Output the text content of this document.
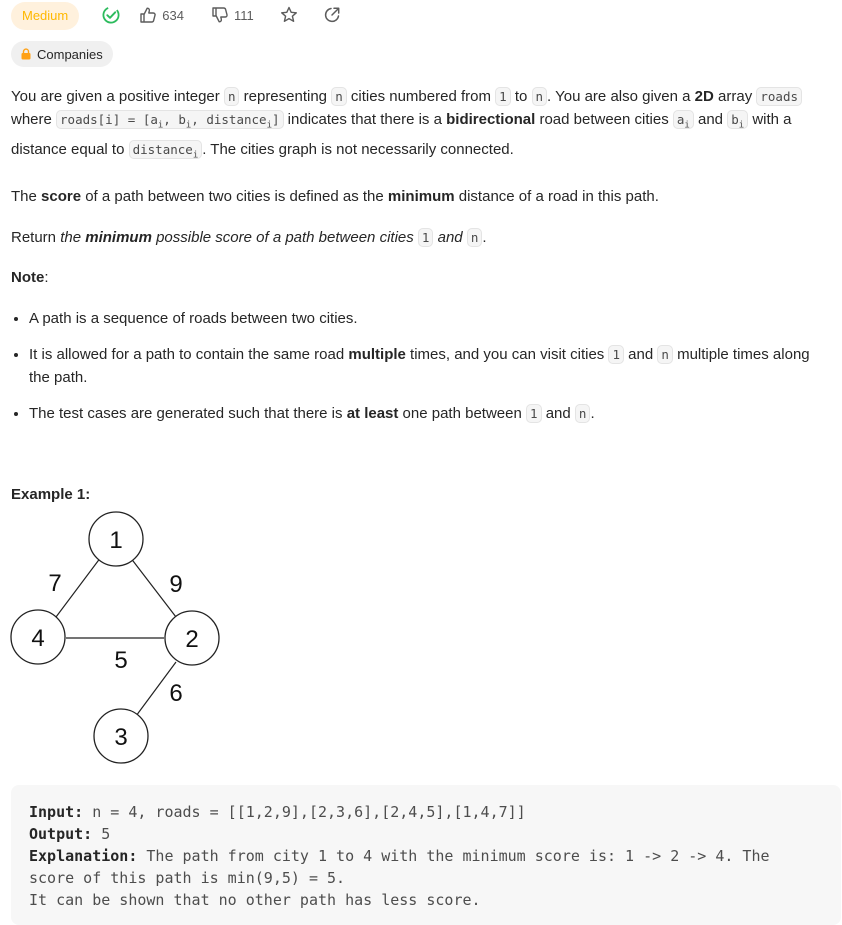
Medium	634	111
Companies

You are given a positive integer n representing n cities numbered from 1 to n . You are also given a 2D array roads where roads[i] = [$a_i$, $b_i$, distance$_i$] indicates that there is a bidirectional road between cities $a_i$ and $b_i$ with a distance equal to distance$_i$ . The cities graph is not necessarily connected.

The score of a path between two cities is defined as the minimum distance of a road in this path.

Return the minimum possible score of a path between cities 1 and n .

Note:

• A path is a sequence of roads between two cities.
• It is allowed for a path to contain the same road multiple times, and you can visit cities 1 and n multiple times along the path.
• The test cases are generated such that there is at least one path between 1 and n .

Example 1:

1
2
3
4
7	9
5
6
Input: n = 4, roads = [[1,2,9],[2,3,6],[2,4,5],[1,4,7]]
Output: 5
Explanation: The path from city 1 to 4 with the minimum score is: 1 -> 2 -> 4. The score of this path is min(9,5) = 5.
It can be shown that no other path has less score.
